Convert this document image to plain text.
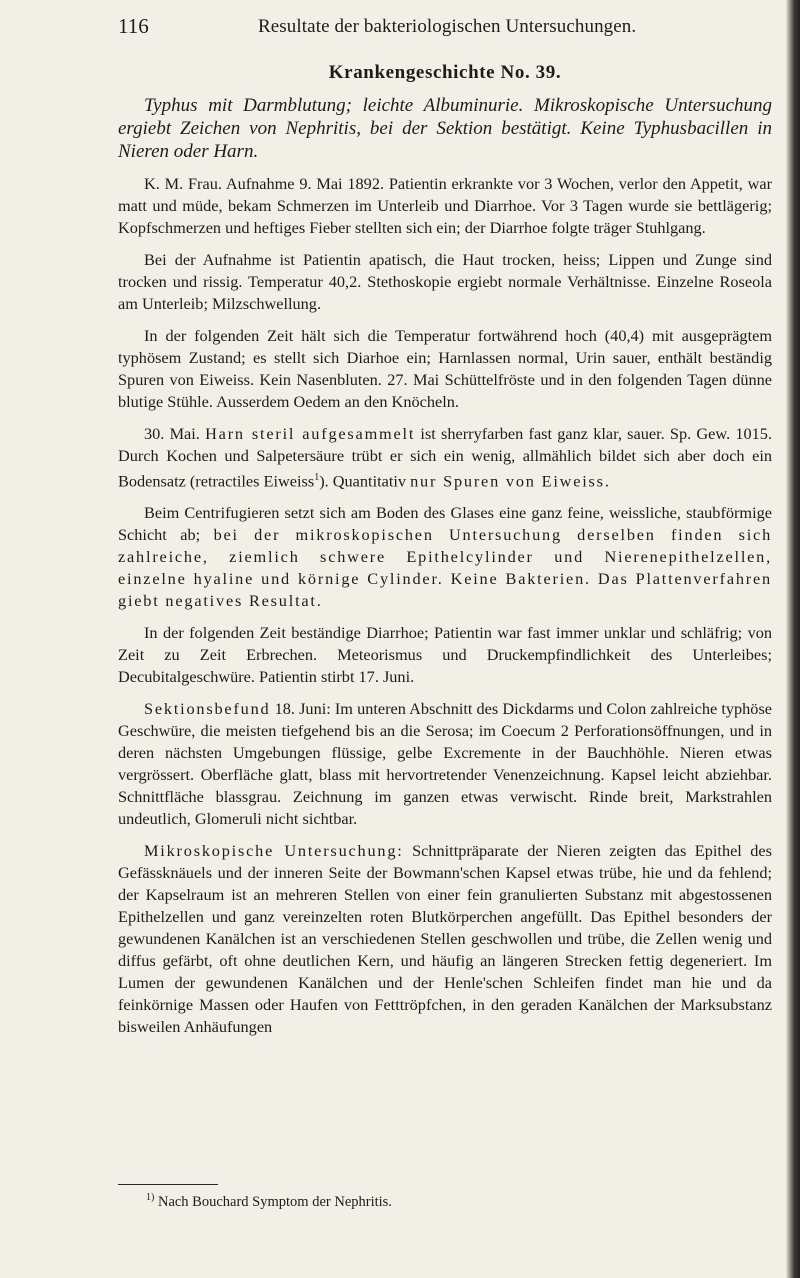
116	Resultate der bakteriologischen Untersuchungen.
Krankengeschichte No. 39.

Typhus mit Darmblutung; leichte Albuminurie. Mikroskopische Untersuchung ergiebt Zeichen von Nephritis, bei der Sektion bestätigt. Keine Typhusbacillen in Nieren oder Harn.

K. M. Frau. Aufnahme 9. Mai 1892. Patientin erkrankte vor 3 Wochen, verlor den Appetit, war matt und müde, bekam Schmerzen im Unterleib und Diarrhoe. Vor 3 Tagen wurde sie bettlägerig; Kopfschmerzen und heftiges Fieber stellten sich ein; der Diarrhoe folgte träger Stuhlgang.

Bei der Aufnahme ist Patientin apatisch, die Haut trocken, heiss; Lippen und Zunge sind trocken und rissig. Temperatur 40,2. Stethoskopie ergiebt normale Verhältnisse. Einzelne Roseola am Unterleib; Milzschwellung.

In der folgenden Zeit hält sich die Temperatur fortwährend hoch (40,4) mit ausgeprägtem typhösem Zustand; es stellt sich Diarhoe ein; Harnlassen normal, Urin sauer, enthält beständig Spuren von Eiweiss. Kein Nasenbluten. 27. Mai Schüttelfröste und in den folgenden Tagen dünne blutige Stühle. Ausserdem Oedem an den Knöcheln.

30. Mai. Harn steril aufgesammelt ist sherryfarben fast ganz klar, sauer. Sp. Gew. 1015. Durch Kochen und Salpetersäure trübt er sich ein wenig, allmählich bildet sich aber doch ein Bodensatz (retractiles Eiweiss$^1$). Quantitativ nur Spuren von Eiweiss.

Beim Centrifugieren setzt sich am Boden des Glases eine ganz feine, weissliche, staubförmige Schicht ab; bei der mikroskopischen Untersuchung derselben finden sich zahlreiche, ziemlich schwere Epithelcylinder und Nierenepithelzellen, einzelne hyaline und körnige Cylinder. Keine Bakterien. Das Plattenverfahren giebt negatives Resultat.

In der folgenden Zeit beständige Diarrhoe; Patientin war fast immer unklar und schläfrig; von Zeit zu Zeit Erbrechen. Meteorismus und Druckempfindlichkeit des Unterleibes; Decubitalgeschwüre. Patientin stirbt 17. Juni.

Sektionsbefund 18. Juni: Im unteren Abschnitt des Dickdarms und Colon zahlreiche typhöse Geschwüre, die meisten tiefgehend bis an die Serosa; im Coecum 2 Perforationsöffnungen, und in deren nächsten Umgebungen flüssige, gelbe Excremente in der Bauchhöhle. Nieren etwas vergrössert. Oberfläche glatt, blass mit hervortretender Venenzeichnung. Kapsel leicht abziehbar. Schnittfläche blassgrau. Zeichnung im ganzen etwas verwischt. Rinde breit, Markstrahlen undeutlich, Glomeruli nicht sichtbar.

Mikroskopische Untersuchung: Schnittpräparate der Nieren zeigten das Epithel des Gefässknäuels und der inneren Seite der Bowmann'schen Kapsel etwas trübe, hie und da fehlend; der Kapselraum ist an mehreren Stellen von einer fein granulierten Substanz mit abgestossenen Epithelzellen und ganz vereinzelten roten Blutkörperchen angefüllt. Das Epithel besonders der gewundenen Kanälchen ist an verschiedenen Stellen geschwollen und trübe, die Zellen wenig und diffus gefärbt, oft ohne deutlichen Kern, und häufig an längeren Strecken fettig degeneriert. Im Lumen der gewundenen Kanälchen und der Henle'schen Schleifen findet man hie und da feinkörnige Massen oder Haufen von Fetttröpfchen, in den geraden Kanälchen der Marksubstanz bisweilen Anhäufungen

$^{1)}$ Nach Bouchard Symptom der Nephritis.
